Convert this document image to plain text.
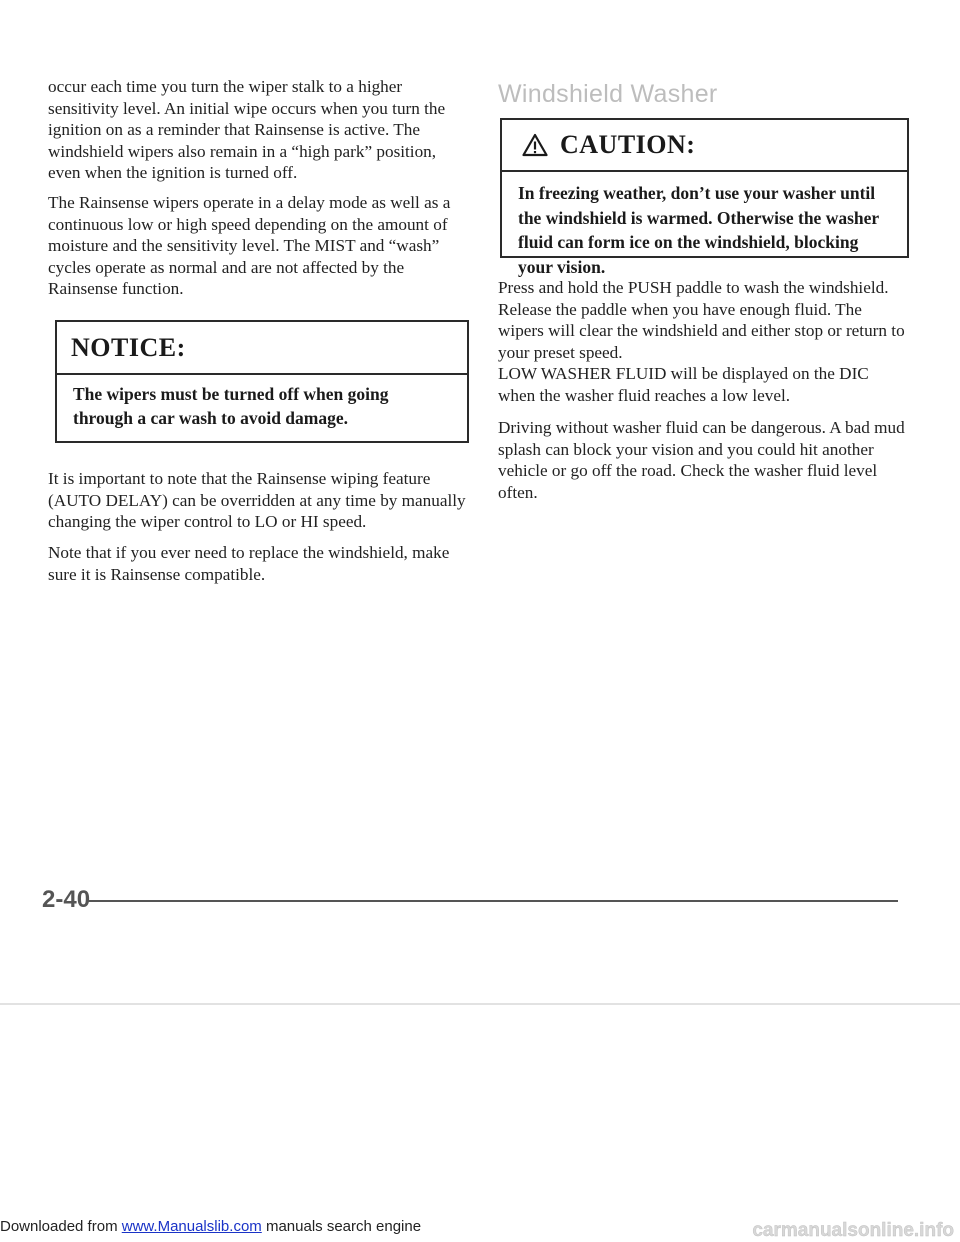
occur each time you turn the wiper stalk to a higher sensitivity level. An initial wipe occurs when you turn the ignition on as a reminder that Rainsense is active. The windshield wipers also remain in a “high park” position, even when the ignition is turned off.

The Rainsense wipers operate in a delay mode as well as a continuous low or high speed depending on the amount of moisture and the sensitivity level. The MIST and “wash” cycles operate as normal and are not affected by the Rainsense function.

NOTICE:
The wipers must be turned off when going through a car wash to avoid damage.

It is important to note that the Rainsense wiping feature (AUTO DELAY) can be overridden at any time by manually changing the wiper control to LO or HI speed.

Note that if you ever need to replace the windshield, make sure it is Rainsense compatible.

Windshield Washer
CAUTION:
In freezing weather, don’t use your washer until the windshield is warmed. Otherwise the washer fluid can form ice on the windshield, blocking your vision.

Press and hold the PUSH paddle to wash the windshield. Release the paddle when you have enough fluid. The wipers will clear the windshield and either stop or return to your preset speed.

LOW WASHER FLUID will be displayed on the DIC when the washer fluid reaches a low level.

Driving without washer fluid can be dangerous. A bad mud splash can block your vision and you could hit another vehicle or go off the road. Check the washer fluid level often.

2-40
Downloaded from www.Manualslib.com manuals search engine	carmanualsonline.info
